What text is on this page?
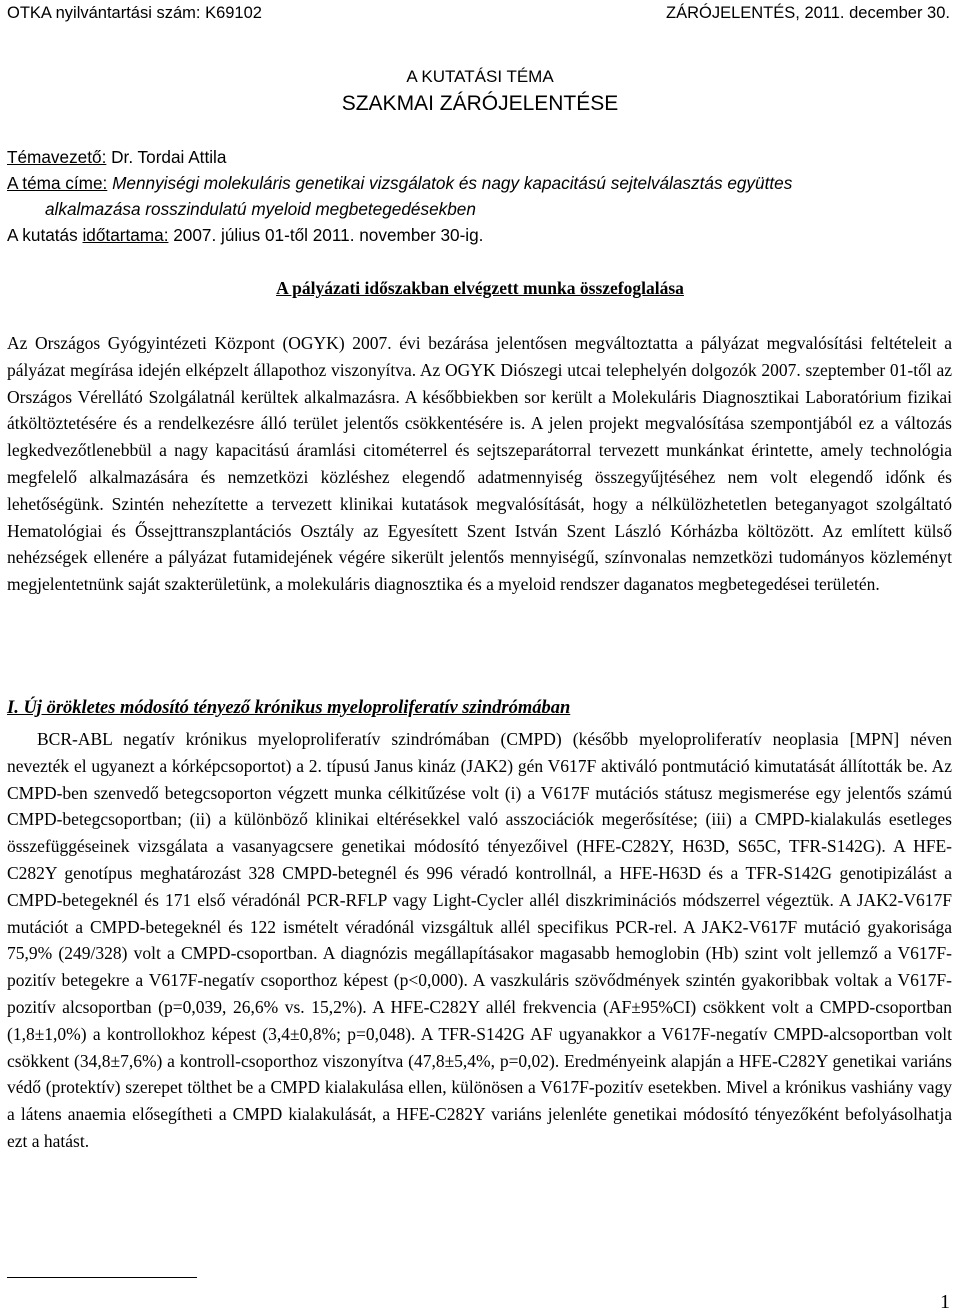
OTKA nyilvántartási szám: K69102	ZÁRÓJELENTÉS, 2011. december 30.
A KUTATÁSI TÉMA
SZAKMAI ZÁRÓJELENTÉSE
Témavezető: Dr. Tordai Attila
A téma címe: Mennyiségi molekuláris genetikai vizsgálatok és nagy kapacitású sejtelválasztás együttes
alkalmazása rosszindulatú myeloid megbetegedésekben
A kutatás időtartama: 2007. július 01-től 2011. november 30-ig.
A pályázati időszakban elvégzett munka összefoglalása
Az Országos Gyógyintézeti Központ (OGYK) 2007. évi bezárása jelentősen megváltoztatta a pályázat megvalósítási feltételeit a pályázat megírása idején elképzelt állapothoz viszonyítva. Az OGYK Diószegi utcai telephelyén dolgozók 2007. szeptember 01-től az Országos Vérellátó Szolgálatnál kerültek alkalmazásra. A későbbiekben sor került a Molekuláris Diagnosztikai Laboratórium fizikai átköltöztetésére és a rendelkezésre álló terület jelentős csökkentésére is. A jelen projekt megvalósítása szempontjából ez a változás legkedvezőtlenebbül a nagy kapacitású áramlási citométerrel és sejtszeparátorral tervezett munkánkat érintette, amely technológia megfelelő alkalmazására és nemzetközi közléshez elegendő adatmennyiség összegyűjtéséhez nem volt elegendő időnk és lehetőségünk. Szintén nehezítette a tervezett klinikai kutatások megvalósítását, hogy a nélkülözhetetlen beteganyagot szolgáltató Hematológiai és Őssejttranszplantációs Osztály az Egyesített Szent István Szent László Kórházba költözött. Az említett külső nehézségek ellenére a pályázat futamidejének végére sikerült jelentős mennyiségű, színvonalas nemzetközi tudományos közleményt megjelentetnünk saját szakterületünk, a molekuláris diagnosztika és a myeloid rendszer daganatos megbetegedései területén.
I. Új örökletes módosító tényező krónikus myeloproliferatív szindrómában
BCR-ABL negatív krónikus myeloproliferatív szindrómában (CMPD) (később myeloproliferatív neoplasia [MPN] néven nevezték el ugyanezt a kórképcsoportot) a 2. típusú Janus kináz (JAK2) gén V617F aktiváló pontmutáció kimutatását állították be. Az CMPD-ben szenvedő betegcsoporton végzett munka célkitűzése volt (i) a V617F mutációs státusz megismerése egy jelentős számú CMPD-betegcsoportban; (ii) a különböző klinikai eltérésekkel való asszociációk megerősítése; (iii) a CMPD-kialakulás esetleges összefüggéseinek vizsgálata a vasanyagcsere genetikai módosító tényezőivel (HFE-C282Y, H63D, S65C, TFR-S142G). A HFE-C282Y genotípus meghatározást 328 CMPD-betegnél és 996 véradó kontrollnál, a HFE-H63D és a TFR-S142G genotipizálást a CMPD-betegeknél és 171 első véradónál PCR-RFLP vagy Light-Cycler allél diszkriminációs módszerrel végeztük. A JAK2-V617F mutációt a CMPD-betegeknél és 122 ismételt véradónál vizsgáltuk allél specifikus PCR-rel. A JAK2-V617F mutáció gyakorisága 75,9% (249/328) volt a CMPD-csoportban. A diagnózis megállapításakor magasabb hemoglobin (Hb) szint volt jellemző a V617F-pozitív betegekre a V617F-negatív csoporthoz képest (p<0,000). A vaszkuláris szövődmények szintén gyakoribbak voltak a V617F-pozitív alcsoportban (p=0,039, 26,6% vs. 15,2%). A HFE-C282Y allél frekvencia (AF±95%CI) csökkent volt a CMPD-csoportban (1,8±1,0%) a kontrollokhoz képest (3,4±0,8%; p=0,048). A TFR-S142G AF ugyanakkor a V617F-negatív CMPD-alcsoportban volt csökkent (34,8±7,6%) a kontroll-csoporthoz viszonyítva (47,8±5,4%, p=0,02). Eredményeink alapján a HFE-C282Y genetikai variáns védő (protektív) szerepet tölthet be a CMPD kialakulása ellen, különösen a V617F-pozitív esetekben. Mivel a krónikus vashiány vagy a látens anaemia elősegítheti a CMPD kialakulását, a HFE-C282Y variáns jelenléte genetikai módosító tényezőként befolyásolhatja ezt a hatást.
1
